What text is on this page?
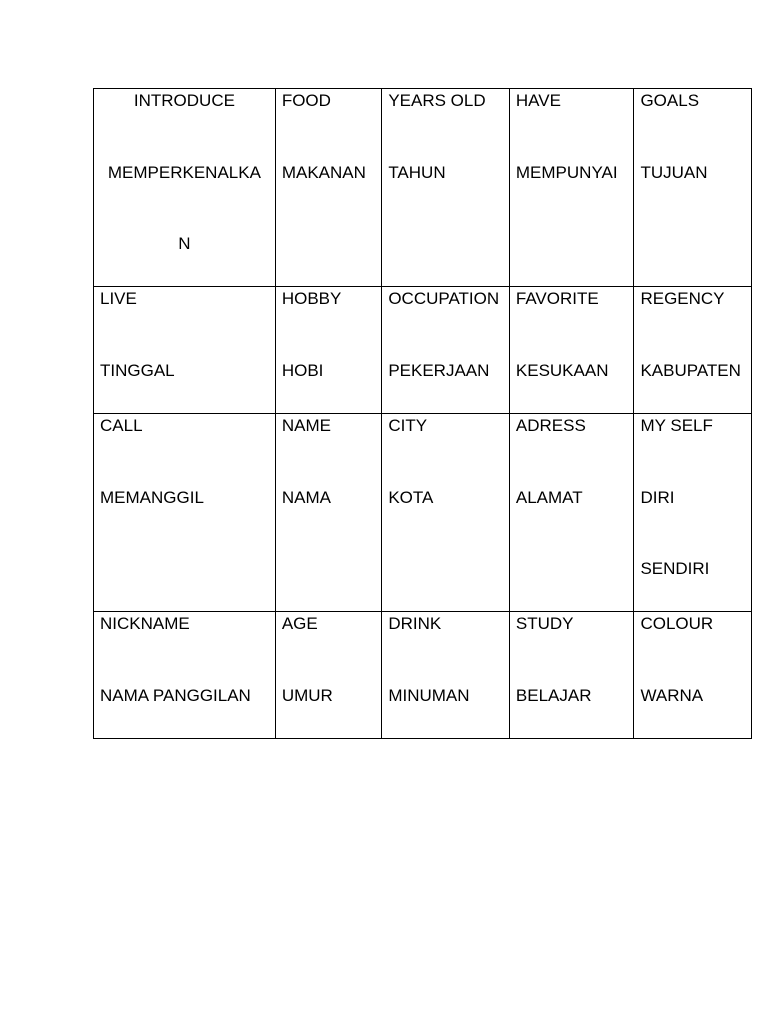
INTRODUCE
MEMPERKENALKA
N	FOOD
MAKANAN	YEARS OLD
TAHUN	HAVE
MEMPUNYAI	GOALS
TUJUAN

LIVE
TINGGAL	HOBBY
HOBI	OCCUPATION
PEKERJAAN	FAVORITE
KESUKAAN	REGENCY
KABUPATEN

CALL
MEMANGGIL	NAME
NAMA	CITY
KOTA	ADRESS
ALAMAT	MY SELF
DIRI
SENDIRI

NICKNAME
NAMA PANGGILAN	AGE
UMUR	DRINK
MINUMAN	STUDY
BELAJAR	COLOUR
WARNA
